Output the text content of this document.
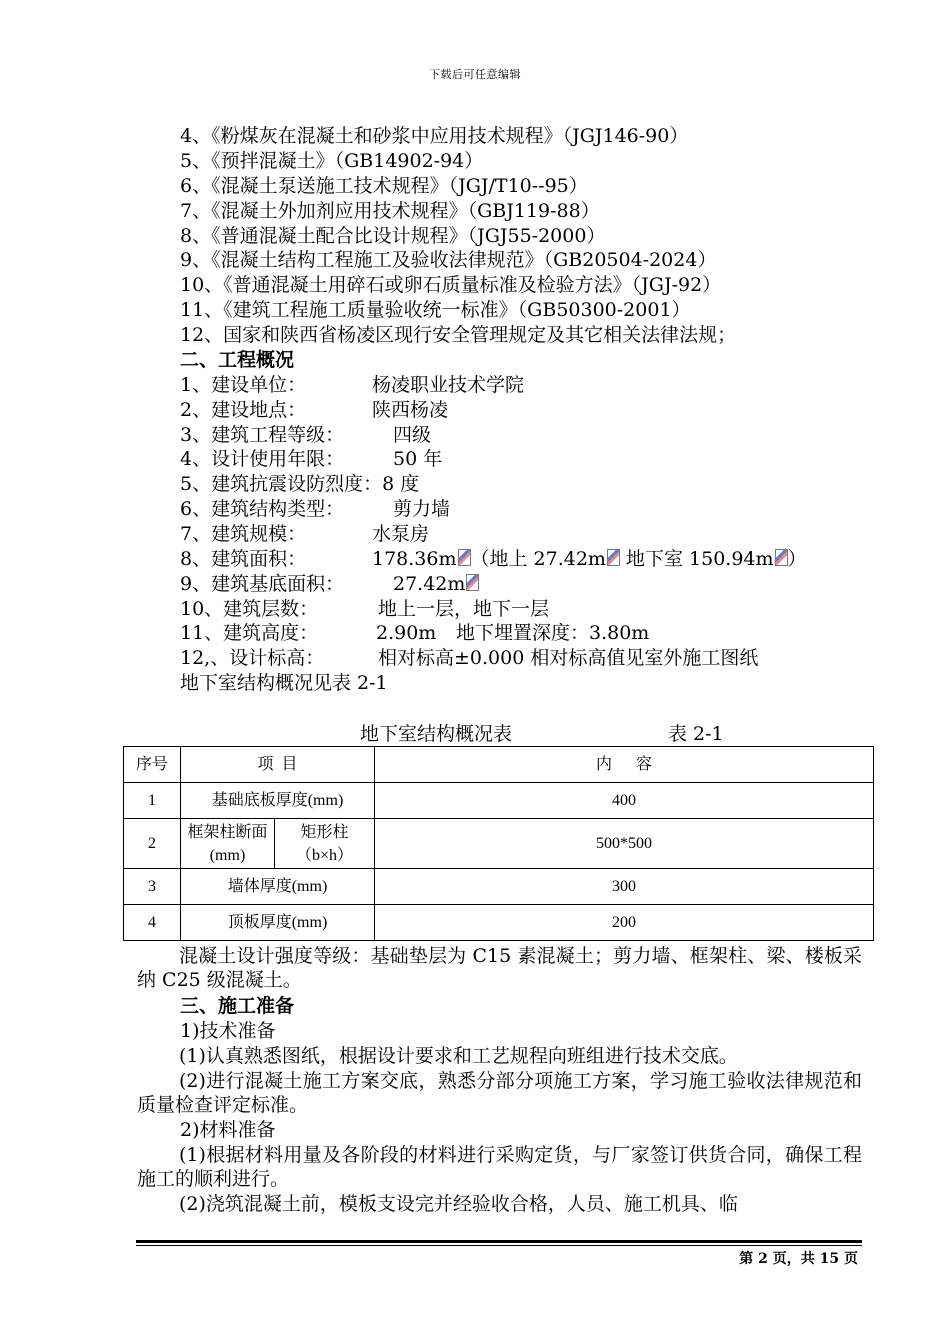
下载后可任意编辑
4、《粉煤灰在混凝土和砂浆中应用技术规程》（JGJ146-90）
5、《预拌混凝土》（GB14902-94）
6、《混凝土泵送施工技术规程》（JGJ/T10--95）
7、《混凝土外加剂应用技术规程》（GBJ119-88）
8、《普通混凝土配合比设计规程》（JGJ55-2000）
9、《混凝土结构工程施工及验收法律规范》（GB20504-2024）
10、《普通混凝土用碎石或卵石质量标准及检验方法》（JGJ-92）
11、《建筑工程施工质量验收统一标准》（GB50300-2001）
12、国家和陕西省杨凌区现行安全管理规定及其它相关法律法规；
二、工程概况
1、建设单位：	杨凌职业技术学院
2、建设地点：	陕西杨凌
3、建筑工程等级：	四级
4、设计使用年限：	50 年
5、建筑抗震设防烈度：8 度
6、建筑结构类型：	剪力墙
7、建筑规模：	水泵房
8、建筑面积：	178.36m （地上 27.42m 地下室 150.94m ）
9、建筑基底面积：	27.42m
10、建筑层数：	地上一层，地下一层
11、建筑高度：	2.90m 地下埋置深度：3.80m
12,、设计标高：	相对标高±0.000 相对标高值见室外施工图纸
地下室结构概况见表 2-1
地下室结构概况表	表 2-1
序号	项  目		内      容
1	基础底板厚度(mm)		400
2	框架柱断面 (mm)	矩形柱（b×h）	500*500
3	墙体厚度(mm)		300
4	顶板厚度(mm)		200
混凝土设计强度等级：基础垫层为 C15 素混凝土；剪力墙、框架柱、梁、楼板采纳 C25 级混凝土。
三、施工准备
1)技术准备
(1)认真熟悉图纸，根据设计要求和工艺规程向班组进行技术交底。
(2)进行混凝土施工方案交底，熟悉分部分项施工方案，学习施工验收法律规范和质量检查评定标准。
2)材料准备
(1)根据材料用量及各阶段的材料进行采购定货，与厂家签订供货合同，确保工程施工的顺利进行。
(2)浇筑混凝土前，模板支设完并经验收合格，人员、施工机具、临
第 2 页，共 15 页
